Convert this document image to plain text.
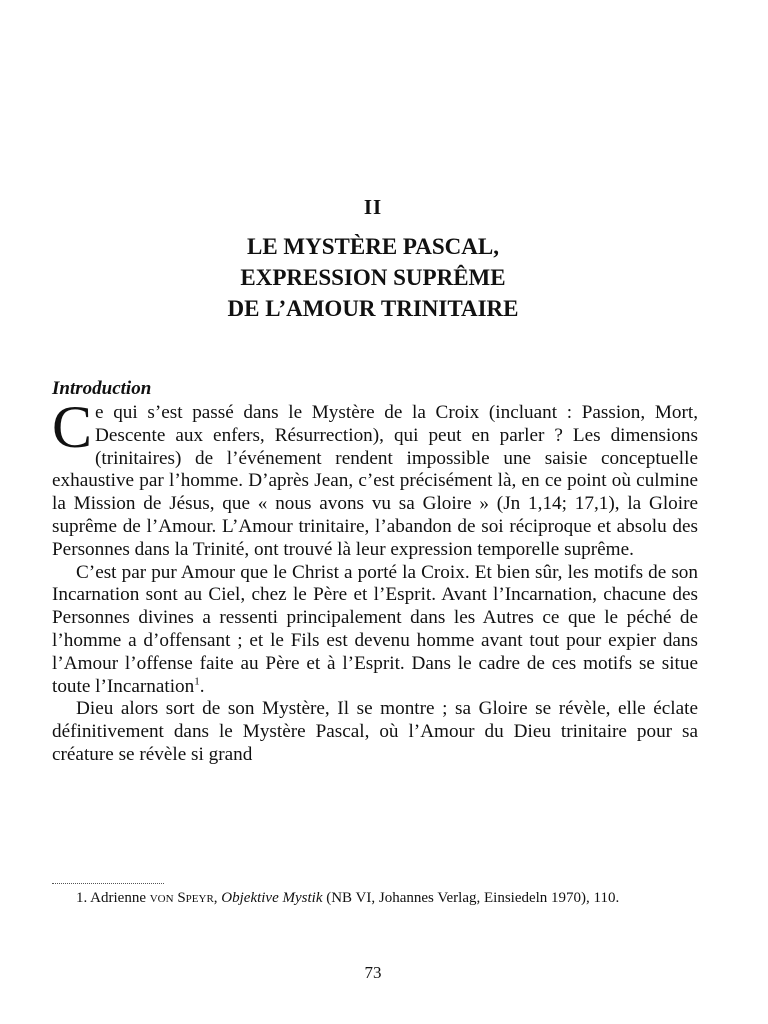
II
LE MYSTÈRE PASCAL,
EXPRESSION SUPRÊME
DE L’AMOUR TRINITAIRE
Introduction

Ce qui s’est passé dans le Mystère de la Croix (incluant : Passion, Mort, Descente aux enfers, Résurrection), qui peut en parler ? Les dimensions (trinitaires) de l’événement rendent impossible une saisie conceptuelle exhaustive par l’homme. D’après Jean, c’est précisément là, en ce point où culmine la Mission de Jésus, que « nous avons vu sa Gloire » (Jn 1,14; 17,1), la Gloire suprême de l’Amour. L’Amour trinitaire, l’abandon de soi réciproque et absolu des Personnes dans la Trinité, ont trouvé là leur expression temporelle suprême.

C’est par pur Amour que le Christ a porté la Croix. Et bien sûr, les motifs de son Incarnation sont au Ciel, chez le Père et l’Esprit. Avant l’Incarnation, chacune des Personnes divines a ressenti principalement dans les Autres ce que le péché de l’homme a d’offensant ; et le Fils est devenu homme avant tout pour expier dans l’Amour l’offense faite au Père et à l’Esprit. Dans le cadre de ces motifs se situe toute l’Incarnation$^1$.

Dieu alors sort de son Mystère, Il se montre ; sa Gloire se révèle, elle éclate définitivement dans le Mystère Pascal, où l’Amour du Dieu trinitaire pour sa créature se révèle si grand

1. Adrienne von Speyr, Objektive Mystik (NB VI, Johannes Verlag, Einsiedeln 1970), 110.

73
